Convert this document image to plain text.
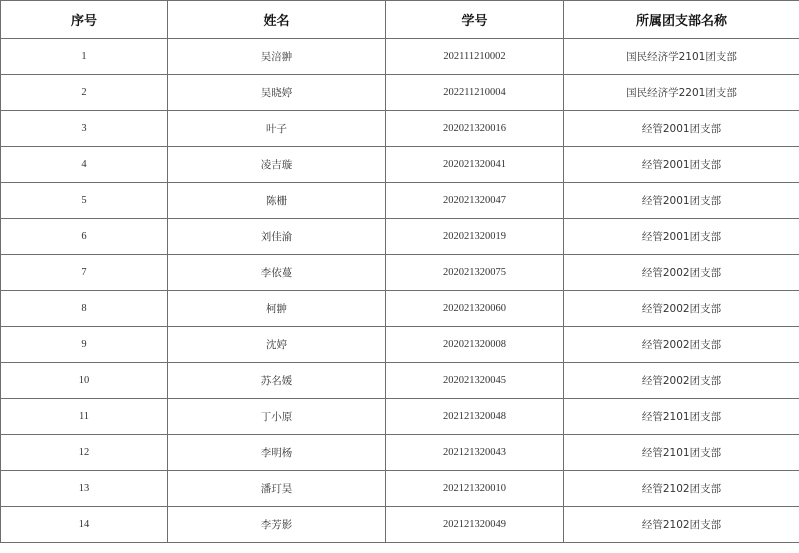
序号	姓名	学号	所属团支部名称
1	吴涪翀	202111210002	国民经济学2101团支部
2	吴晓婷	202211210004	国民经济学2201团支部
3	叶子	202021320016	经管2001团支部
4	凌吉璇	202021320041	经管2001团支部
5	陈栅	202021320047	经管2001团支部
6	刘佳渝	202021320019	经管2001团支部
7	李依蔓	202021320075	经管2002团支部
8	柯翀	202021320060	经管2002团支部
9	沈婷	202021320008	经管2002团支部
10	苏名媛	202021320045	经管2002团支部
11	丁小原	202121320048	经管2101团支部
12	李明杨	202121320043	经管2101团支部
13	潘玎昊	202121320010	经管2102团支部
14	李芳影	202121320049	经管2102团支部
